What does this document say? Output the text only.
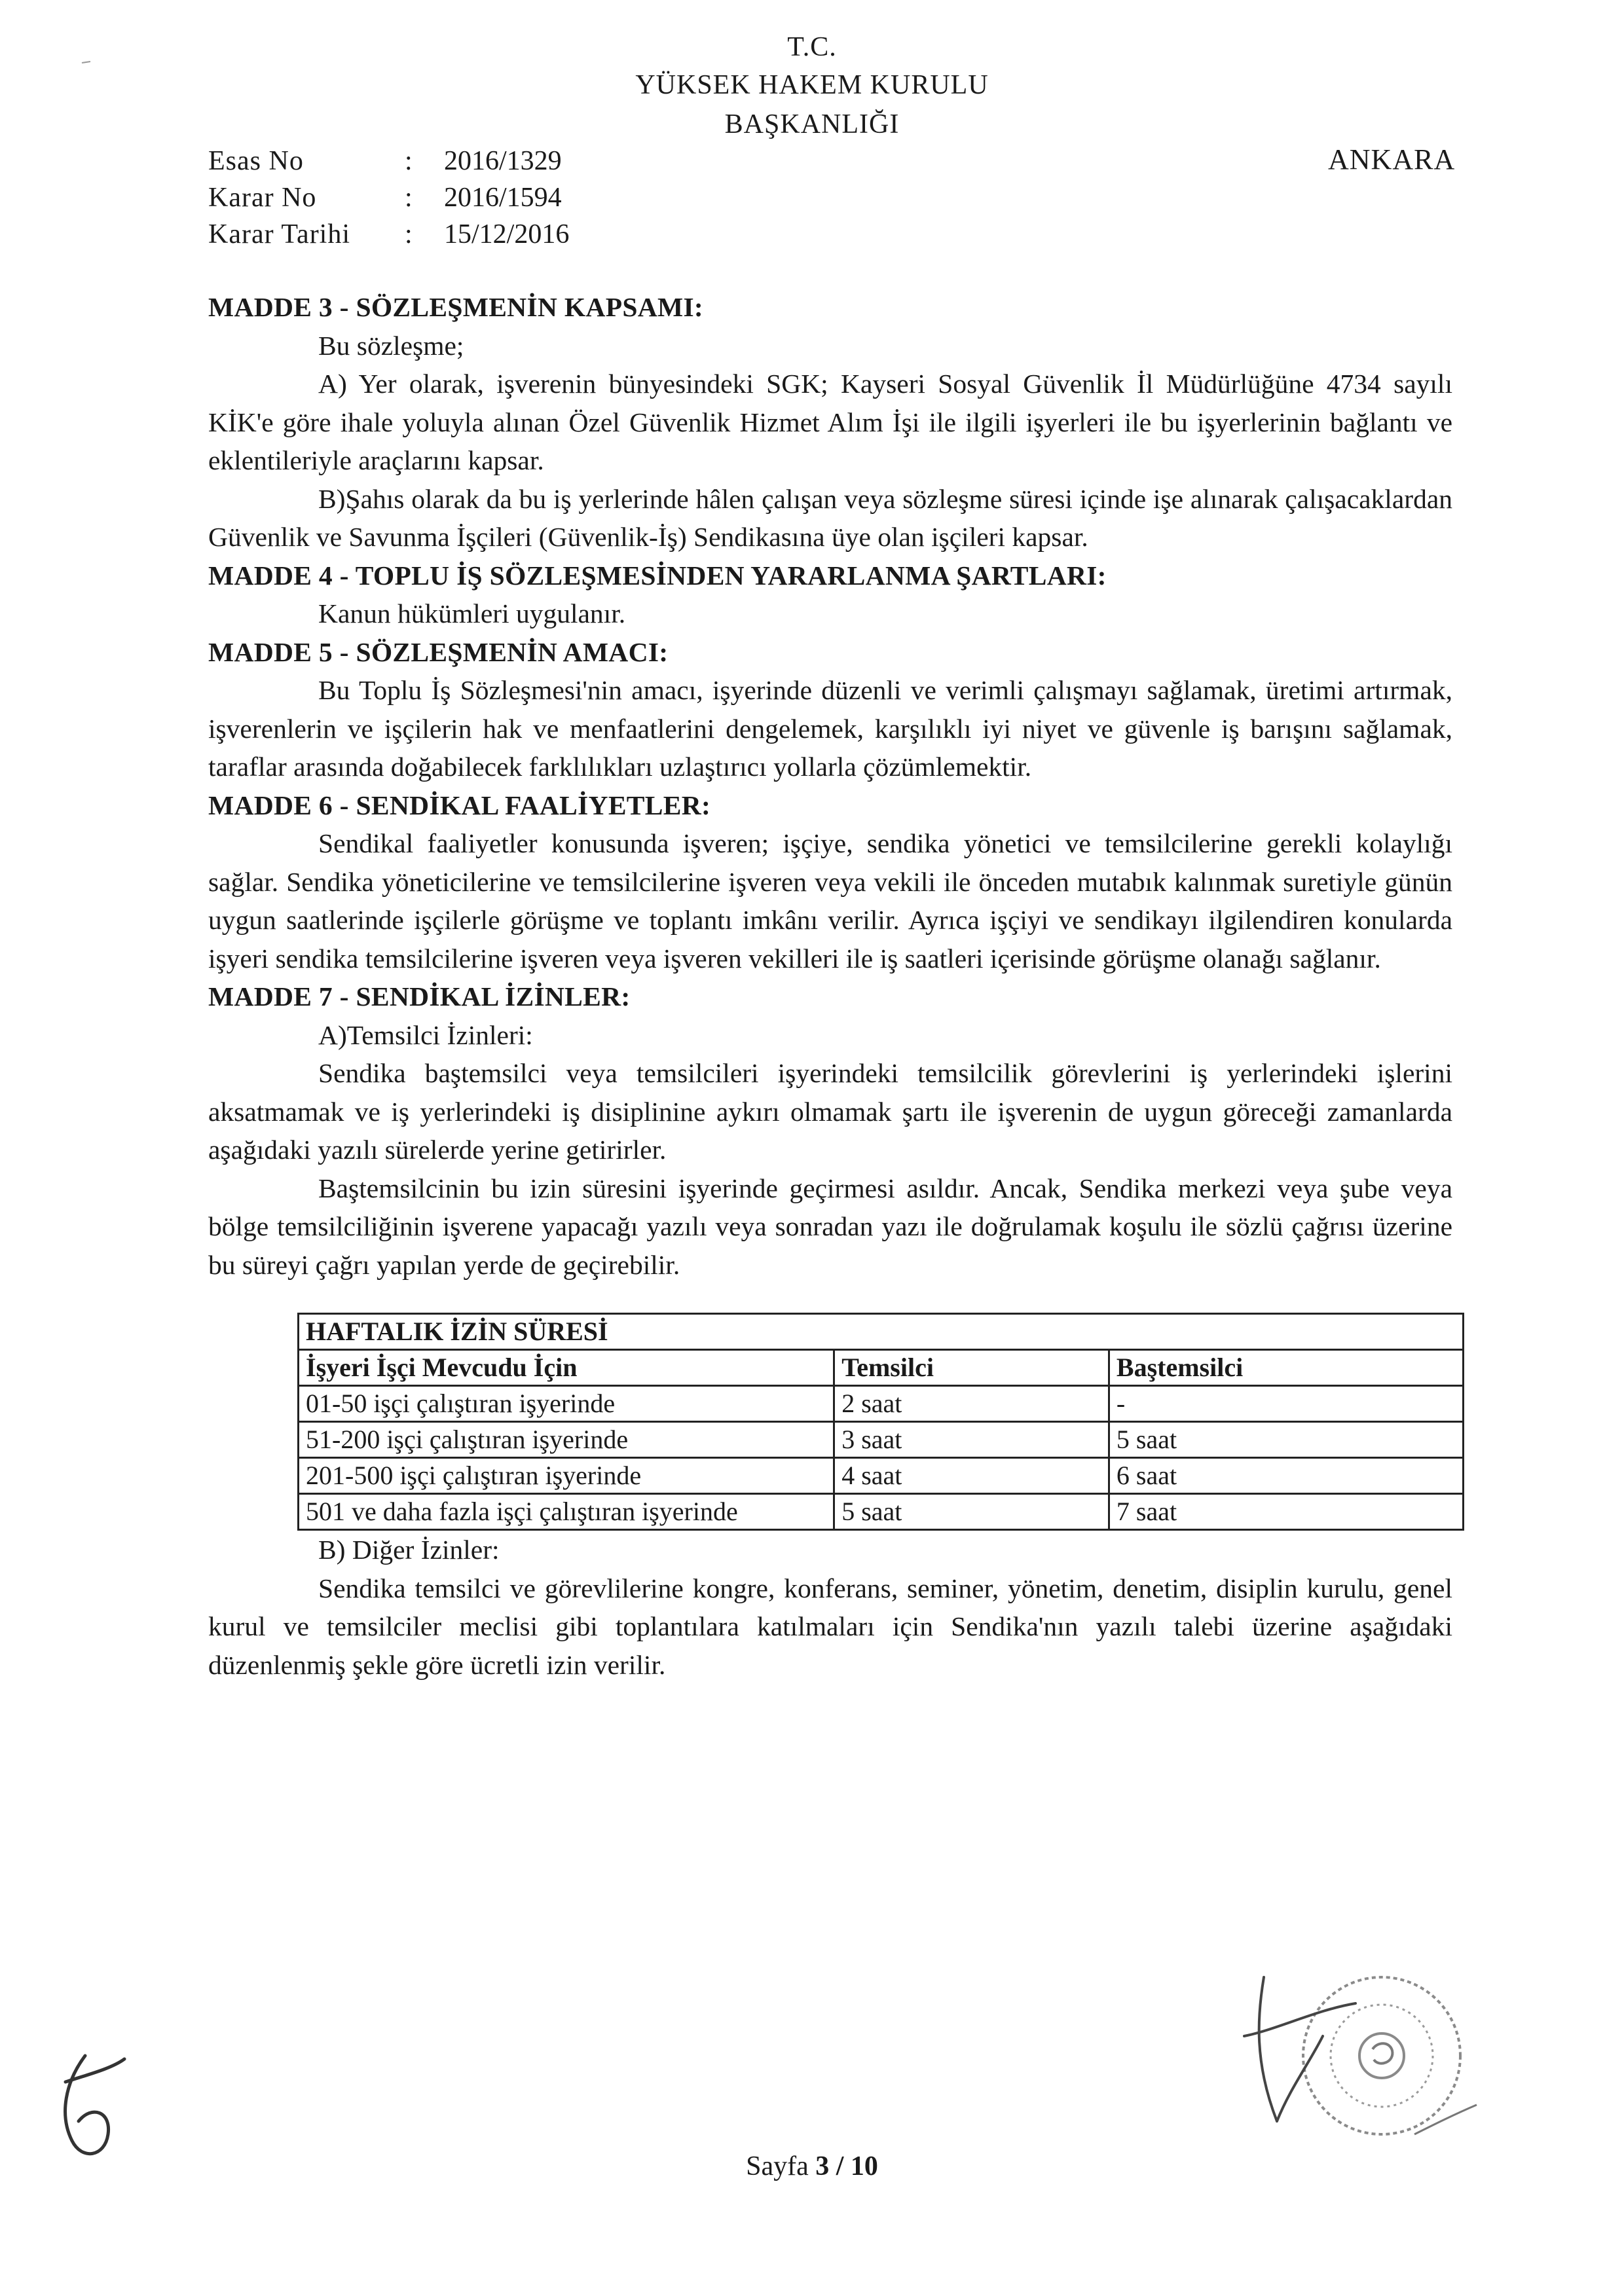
T.C.
YÜKSEK HAKEM KURULU
BAŞKANLIĞI
Esas No	:	2016/1329
Karar No	:	2016/1594
Karar Tarihi	:	15/12/2016
ANKARA

MADDE 3 - SÖZLEŞMENİN KAPSAMI:

Bu sözleşme;

A) Yer olarak, işverenin bünyesindeki SGK; Kayseri Sosyal Güvenlik İl Müdürlüğüne 4734 sayılı KİK'e göre ihale yoluyla alınan Özel Güvenlik Hizmet Alım İşi ile ilgili işyerleri ile bu işyerlerinin bağlantı ve eklentileriyle araçlarını kapsar.

B)Şahıs olarak da bu iş yerlerinde hâlen çalışan veya sözleşme süresi içinde işe alınarak çalışacaklardan Güvenlik ve Savunma İşçileri (Güvenlik-İş) Sendikasına üye olan işçileri kapsar.

MADDE 4 - TOPLU İŞ SÖZLEŞMESİNDEN YARARLANMA ŞARTLARI:

Kanun hükümleri uygulanır.

MADDE 5 - SÖZLEŞMENİN AMACI:

Bu Toplu İş Sözleşmesi'nin amacı, işyerinde düzenli ve verimli çalışmayı sağlamak, üretimi artırmak, işverenlerin ve işçilerin hak ve menfaatlerini dengelemek, karşılıklı iyi niyet ve güvenle iş barışını sağlamak, taraflar arasında doğabilecek farklılıkları uzlaştırıcı yollarla çözümlemektir.

MADDE 6 - SENDİKAL FAALİYETLER:

Sendikal faaliyetler konusunda işveren; işçiye, sendika yönetici ve temsilcilerine gerekli kolaylığı sağlar. Sendika yöneticilerine ve temsilcilerine işveren veya vekili ile önceden mutabık kalınmak suretiyle günün uygun saatlerinde işçilerle görüşme ve toplantı imkânı verilir. Ayrıca işçiyi ve sendikayı ilgilendiren konularda işyeri sendika temsilcilerine işveren veya işveren vekilleri ile iş saatleri içerisinde görüşme olanağı sağlanır.

MADDE 7 - SENDİKAL İZİNLER:

A)Temsilci İzinleri:

Sendika baştemsilci veya temsilcileri işyerindeki temsilcilik görevlerini iş yerlerindeki işlerini aksatmamak ve iş yerlerindeki iş disiplinine aykırı olmamak şartı ile işverenin de uygun göreceği zamanlarda aşağıdaki yazılı sürelerde yerine getirirler.

Baştemsilcinin bu izin süresini işyerinde geçirmesi asıldır. Ancak, Sendika merkezi veya şube veya bölge temsilciliğinin işverene yapacağı yazılı veya sonradan yazı ile doğrulamak koşulu ile sözlü çağrısı üzerine bu süreyi çağrı yapılan yerde de geçirebilir.

HAFTALIK İZİN SÜRESİ		
İşyeri İşçi Mevcudu İçin	Temsilci	Baştemsilci
01-50 işçi çalıştıran işyerinde	2 saat	-
51-200 işçi çalıştıran işyerinde	3 saat	5 saat
201-500 işçi çalıştıran işyerinde	4 saat	6 saat
501 ve daha fazla işçi çalıştıran işyerinde	5 saat	7 saat

B) Diğer İzinler:

Sendika temsilci ve görevlilerine kongre, konferans, seminer, yönetim, denetim, disiplin kurulu, genel kurul ve temsilciler meclisi gibi toplantılara katılmaları için Sendika'nın yazılı talebi üzerine aşağıdaki düzenlenmiş şekle göre ücretli izin verilir.

Sayfa 3 / 10
